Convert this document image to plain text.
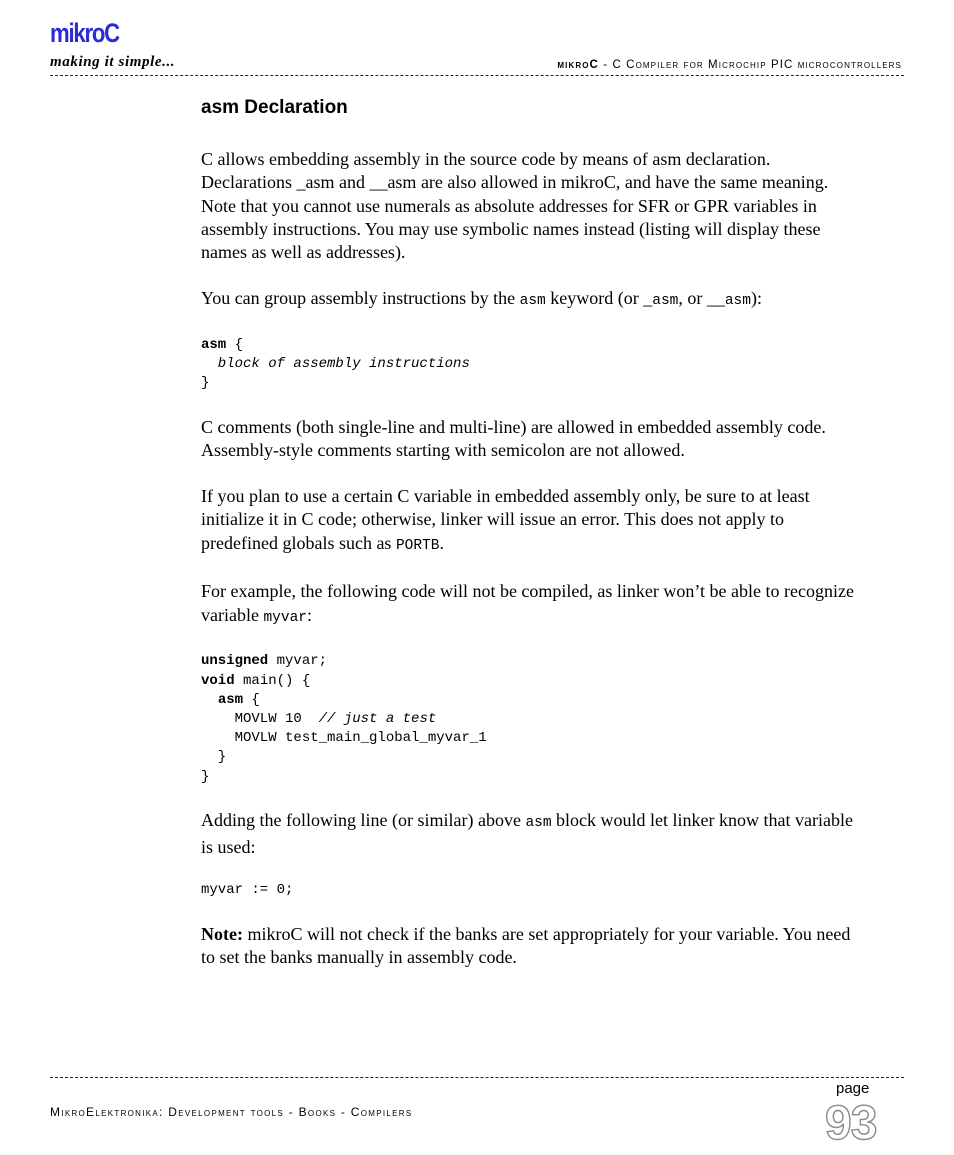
mikroC
making it simple...	mikroC - C Compiler for Microchip PIC microcontrollers
asm Declaration

C allows embedding assembly in the source code by means of asm declaration. Declarations _asm and __asm are also allowed in mikroC, and have the same meaning. Note that you cannot use numerals as absolute addresses for SFR or GPR variables in assembly instructions. You may use symbolic names instead (listing will display these names as well as addresses).

You can group assembly instructions by the asm keyword (or _asm, or __asm):

asm {
block of assembly instructions
}

C comments (both single-line and multi-line) are allowed in embedded assembly code. Assembly-style comments starting with semicolon are not allowed.

If you plan to use a certain C variable in embedded assembly only, be sure to at least initialize it in C code; otherwise, linker will issue an error. This does not apply to predefined globals such as PORTB.

For example, the following code will not be compiled, as linker won’t be able to recognize variable myvar:

unsigned myvar;
void main() {
asm {
MOVLW 10  // just a test
MOVLW test_main_global_myvar_1
}
}

Adding the following line (or similar) above asm block would let linker know that variable is used:

myvar := 0;

Note: mikroC will not check if the banks are set appropriately for your variable. You need to set the banks manually in assembly code.

MikroElektronika: Development tools - Books - Compilers
page
93
